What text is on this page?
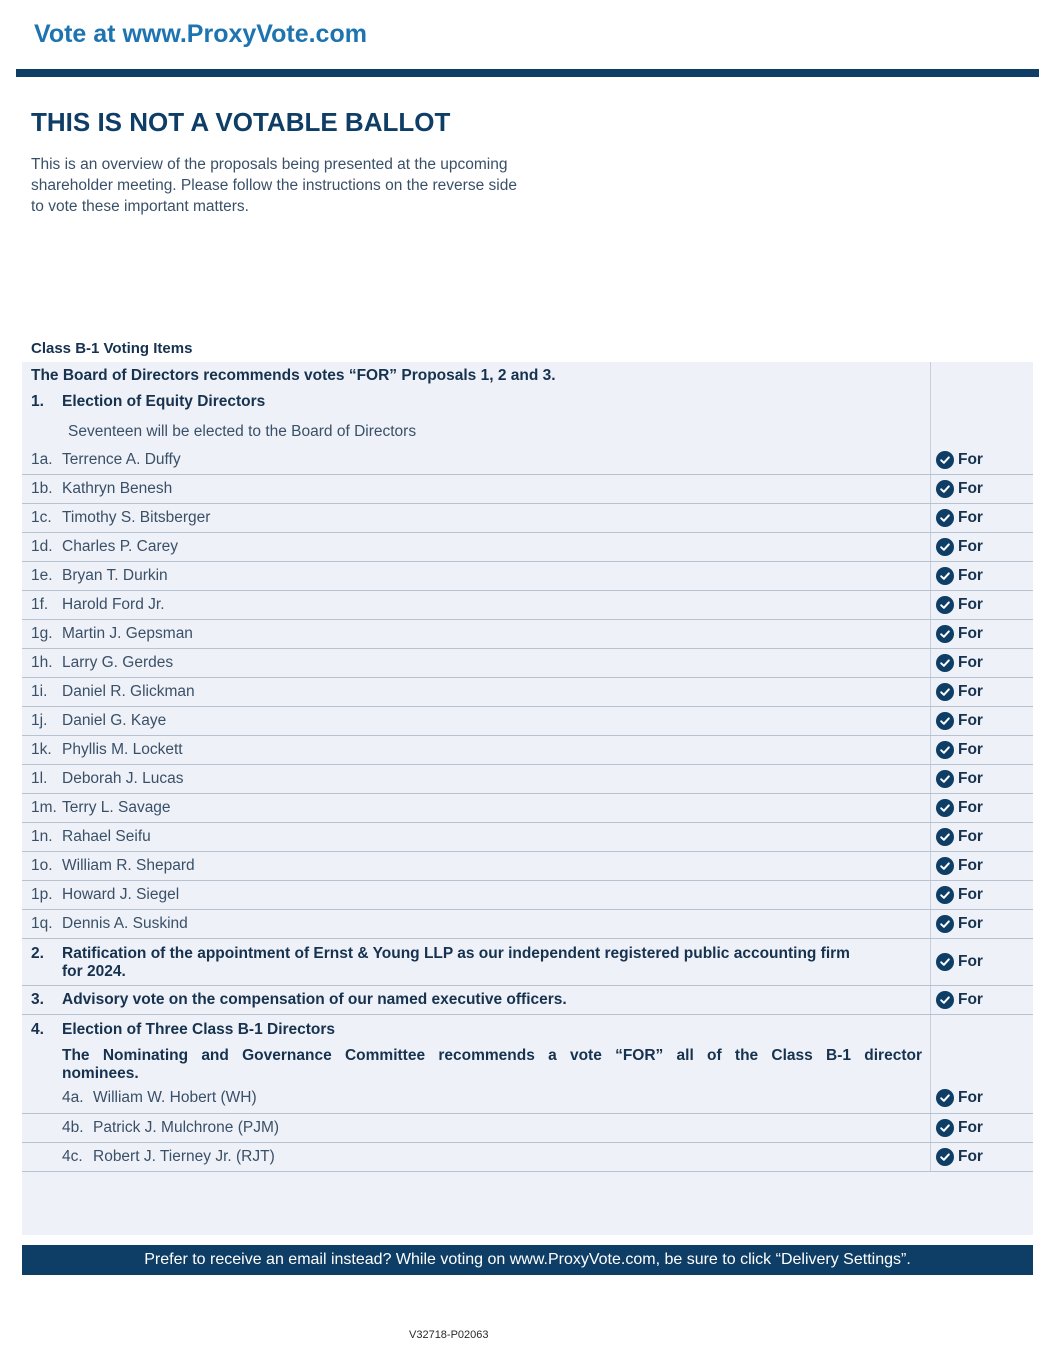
Vote at www.ProxyVote.com
THIS IS NOT A VOTABLE BALLOT
This is an overview of the proposals being presented at the upcoming shareholder meeting. Please follow the instructions on the reverse side to vote these important matters.
Class B-1 Voting Items
The Board of Directors recommends votes “FOR” Proposals 1, 2 and 3.
1. Election of Equity Directors
Seventeen will be elected to the Board of Directors
1a. Terrence A. Duffy	For
1b. Kathryn Benesh	For
1c. Timothy S. Bitsberger	For
1d. Charles P. Carey	For
1e. Bryan T. Durkin	For
1f. Harold Ford Jr.	For
1g. Martin J. Gepsman	For
1h. Larry G. Gerdes	For
1i. Daniel R. Glickman	For
1j. Daniel G. Kaye	For
1k. Phyllis M. Lockett	For
1l. Deborah J. Lucas	For
1m. Terry L. Savage	For
1n. Rahael Seifu	For
1o. William R. Shepard	For
1p. Howard J. Siegel	For
1q. Dennis A. Suskind	For
2. Ratification of the appointment of Ernst & Young LLP as our independent registered public accounting firm
for 2024.
For
3. Advisory vote on the compensation of our named executive officers.	For
4. Election of Three Class B-1 Directors
The Nominating and Governance Committee recommends a vote “FOR” all of the Class B-1 director
nominees.
4a. William W. Hobert (WH)	For
4b. Patrick J. Mulchrone (PJM)	For
4c. Robert J. Tierney Jr. (RJT)	For
Prefer to receive an email instead? While voting on www.ProxyVote.com, be sure to click “Delivery Settings”.
V32718-P02063
